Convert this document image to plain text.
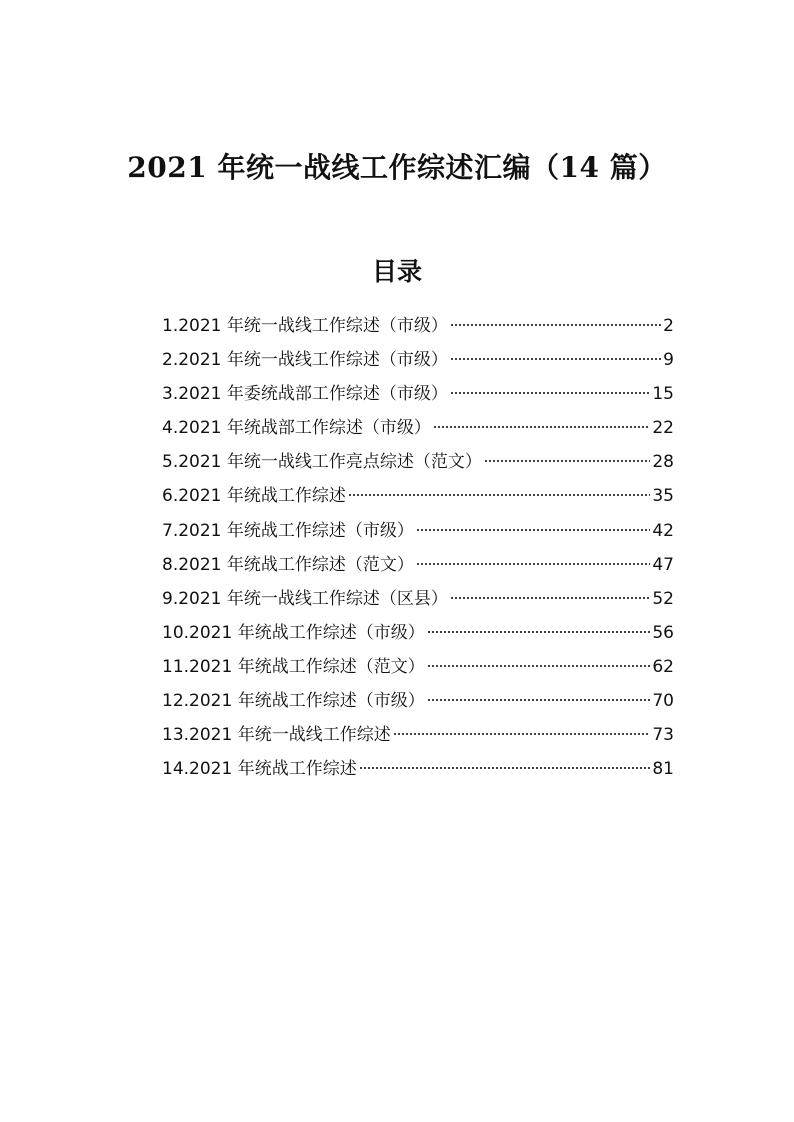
2021 年统一战线工作综述汇编（14 篇）
目录
1.2021 年统一战线工作综述（市级）	2
2.2021 年统一战线工作综述（市级）	9
3.2021 年委统战部工作综述（市级）	15
4.2021 年统战部工作综述（市级）	22
5.2021 年统一战线工作亮点综述（范文）	28
6.2021 年统战工作综述	35
7.2021 年统战工作综述（市级）	42
8.2021 年统战工作综述（范文）	47
9.2021 年统一战线工作综述（区县）	52
10.2021 年统战工作综述（市级）	56
11.2021 年统战工作综述（范文）	62
12.2021 年统战工作综述（市级）	70
13.2021 年统一战线工作综述	73
14.2021 年统战工作综述	81
